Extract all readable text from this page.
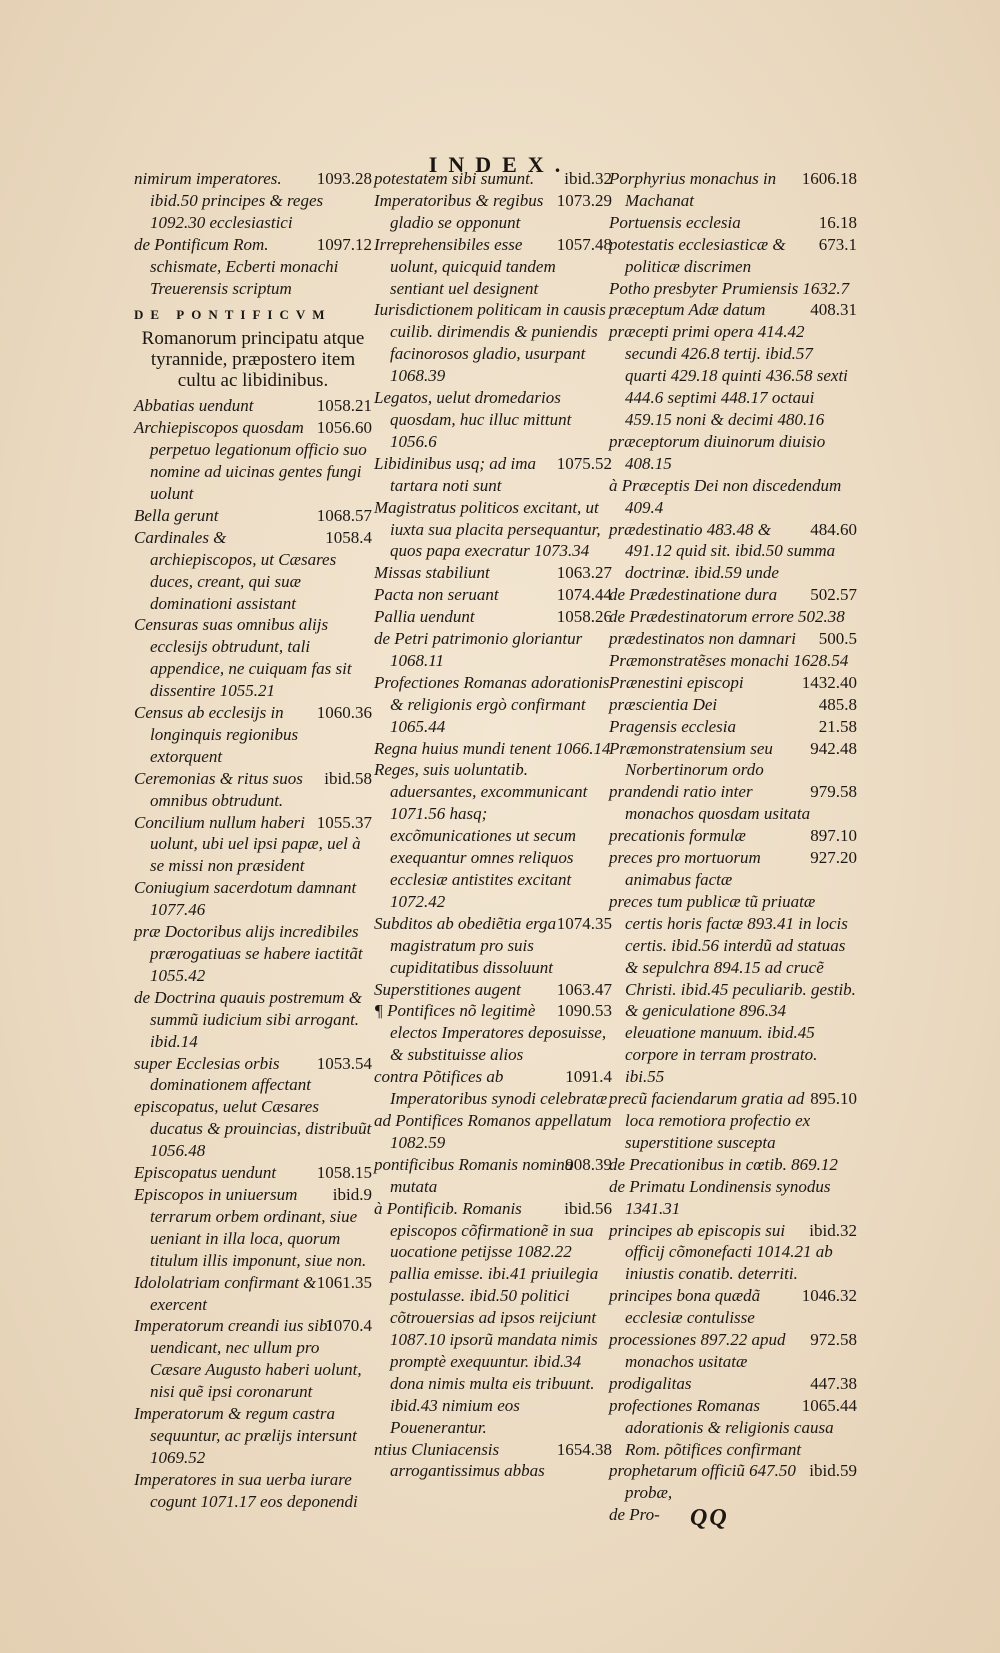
INDEX.
1093.28
nimirum imperatores. ibid.50 principes & reges 1092.30 ecclesiastici
1097.12
de Pontificum Rom. schismate, Ecberti monachi Treuerensis scriptum
DE PONTIFICVM
Romanorum principatu atque tyrannide, præpostero item cultu ac libidinibus.
1058.21
Abbatias uendunt
1056.60
Archiepiscopos quosdam perpetuo legationum officio suo nomine ad uicinas gentes fungi uolunt
1068.57
Bella gerunt
1058.4
Cardinales & archiepiscopos, ut Cæsares duces, creant, qui suæ dominationi assistant
Censuras suas omnibus alijs ecclesijs obtrudunt, tali appendice, ne cuiquam fas sit dissentire 1055.21
1060.36
Census ab ecclesijs in longinquis regionibus extorquent
ibid.58
Ceremonias & ritus suos omnibus obtrudunt.
1055.37
Concilium nullum haberi uolunt, ubi uel ipsi papæ, uel à se missi non præsident
Coniugium sacerdotum damnant 1077.46
præ Doctoribus alijs incredibiles prærogatiuas se habere iactitãt 1055.42
de Doctrina quauis postremum & summũ iudicium sibi arrogant. ibid.14
1053.54
super Ecclesias orbis dominationem affectant
episcopatus, uelut Cæsares ducatus & prouincias, distribuũt 1056.48
1058.15
Episcopatus uendunt
ibid.9
Episcopos in uniuersum terrarum orbem ordinant, siue ueniant in illa loca, quorum titulum illis imponunt, siue non.
1061.35
Idololatriam confirmant & exercent
1070.4
Imperatorum creandi ius sibi uendicant, nec ullum pro Cæsare Augusto haberi uolunt, nisi quẽ ipsi coronarunt
Imperatorum & regum castra sequuntur, ac prælijs intersunt 1069.52
Imperatores in sua uerba iurare cogunt 1071.17 eos deponendi
ibid.32
potestatem sibi sumunt.
1073.29
Imperatoribus & regibus gladio se opponunt
1057.48
Irreprehensibiles esse uolunt, quicquid tandem sentiant uel designent
Iurisdictionem politicam in causis cuilib. dirimendis & puniendis facinorosos gladio, usurpant 1068.39
Legatos, uelut dromedarios quosdam, huc illuc mittunt 1056.6
1075.52
Libidinibus usq; ad ima tartara noti sunt
Magistratus politicos excitant, ut iuxta sua placita persequantur, quos papa execratur 1073.34
1063.27
Missas stabiliunt
1074.44
Pacta non seruant
1058.26
Pallia uendunt
de Petri patrimonio gloriantur 1068.11
Profectiones Romanas adorationis & religionis ergò confirmant 1065.44
Regna huius mundi tenent 1066.14
Reges, suis uoluntatib. aduersantes, excommunicant 1071.56 hasq; excõmunicationes ut secum exequantur omnes reliquos ecclesiæ antistites excitant 1072.42
1074.35
Subditos ab obediẽtia erga magistratum pro suis cupiditatibus dissoluunt
1063.47
Superstitiones augent
1090.53
¶ Pontifices nõ legitimè electos Imperatores deposuisse, & substituisse alios
1091.4
contra Põtifices ab Imperatoribus synodi celebratæ
ad Pontifices Romanos appellatum 1082.59
908.39
pontificibus Romanis nomina mutata
ibid.56
à Pontificib. Romanis episcopos cõfirmationẽ in sua uocatione petijsse 1082.22 pallia emisse. ibi.41 priuilegia postulasse. ibid.50 politici cõtrouersias ad ipsos reijciunt 1087.10 ipsorũ mandata nimis promptè exequuntur. ibid.34 dona nimis multa eis tribuunt. ibid.43 nimium eos Pouenerantur.
1654.38
ntius Cluniacensis arrogantissimus abbas
1606.18
Porphyrius monachus in Machanat
16.18
Portuensis ecclesia
673.1
potestatis ecclesiasticæ & politicæ discrimen
Potho presbyter Prumiensis 1632.7
408.31
præceptum Adæ datum
præcepti primi opera 414.42 secundi 426.8 tertij. ibid.57 quarti 429.18 quinti 436.58 sexti 444.6 septimi 448.17 octaui 459.15 noni & decimi 480.16
præceptorum diuinorum diuisio 408.15
à Præceptis Dei non discedendum 409.4
484.60
prædestinatio 483.48 & 491.12 quid sit. ibid.50 summa doctrinæ. ibid.59 unde
502.57
de Prædestinatione dura
de Prædestinatorum errore 502.38
500.5
prædestinatos non damnari
Præmonstratẽses monachi 1628.54
1432.40
Prænestini episcopi
485.8
præscientia Dei
21.58
Pragensis ecclesia
942.48
Præmonstratensium seu Norbertinorum ordo
979.58
prandendi ratio inter monachos quosdam usitata
897.10
precationis formulæ
927.20
preces pro mortuorum animabus factæ
preces tum publicæ tũ priuatæ certis horis factæ 893.41 in locis certis. ibid.56 interdũ ad statuas & sepulchra 894.15 ad crucẽ Christi. ibid.45 peculiarib. gestib. & geniculatione 896.34 eleuatione manuum. ibid.45 corpore in terram prostrato. ibi.55
895.10
precũ faciendarum gratia ad loca remotiora profectio ex superstitione suscepta
de Precationibus in cœtib. 869.12
de Primatu Londinensis synodus 1341.31
ibid.32
principes ab episcopis sui officij cõmonefacti 1014.21 ab iniustis conatib. deterriti.
1046.32
principes bona quædã ecclesiæ contulisse
972.58
processiones 897.22 apud monachos usitatæ
447.38
prodigalitas
1065.44
profectiones Romanas adorationis & religionis causa Rom. põtifices confirmant
ibid.59
prophetarum officiũ 647.50 probæ,
de Pro-	QQ
